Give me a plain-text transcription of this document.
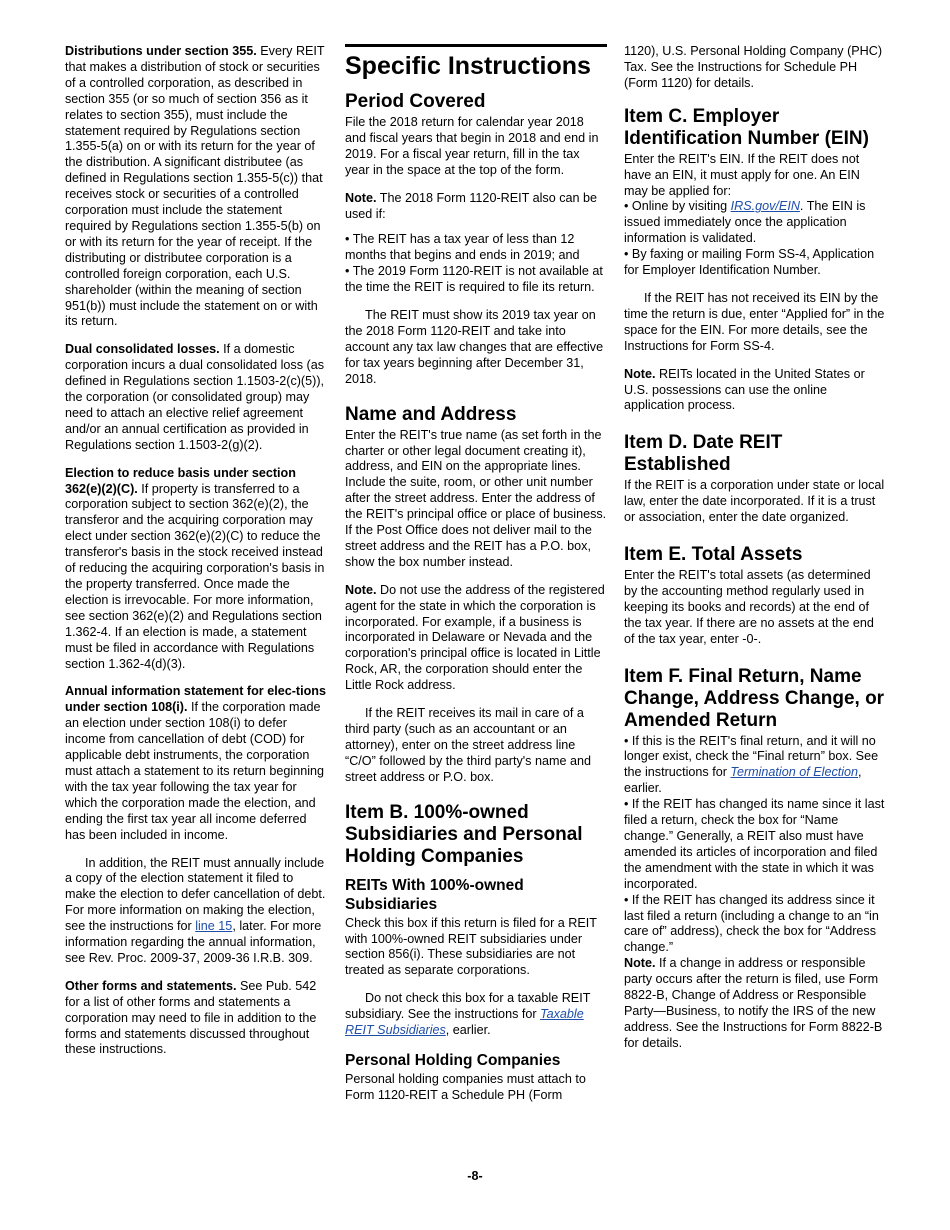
Distributions under section 355. Every REIT that makes a distribution of stock or securities of a controlled corporation, as described in section 355 (or so much of section 356 as it relates to section 355), must include the statement required by Regulations section 1.355-5(a) on or with its return for the year of the distribution. A significant distributee (as defined in Regulations section 1.355-5(c)) that receives stock or securities of a controlled corporation must include the statement required by Regulations section 1.355-5(b) on or with its return for the year of receipt. If the distributing or distributee corporation is a controlled foreign corporation, each U.S. shareholder (within the meaning of section 951(b)) must include the statement on or with its return.

Dual consolidated losses. If a domestic corporation incurs a dual consolidated loss (as defined in Regulations section 1.1503-2(c)(5)), the corporation (or consolidated group) may need to attach an elective relief agreement and/or an annual certification as provided in Regulations section 1.1503-2(g)(2).

Election to reduce basis under section 362(e)(2)(C). If property is transferred to a corporation subject to section 362(e)(2), the transferor and the acquiring corporation may elect under section 362(e)(2)(C) to reduce the transferor's basis in the stock received instead of reducing the acquiring corporation's basis in the property transferred. Once made the election is irrevocable. For more information, see section 362(e)(2) and Regulations section 1.362-4. If an election is made, a statement must be filed in accordance with Regulations section 1.362-4(d)(3).

Annual information statement for elec-tions under section 108(i). If the corporation made an election under section 108(i) to defer income from cancellation of debt (COD) for applicable debt instruments, the corporation must attach a statement to its return beginning with the tax year following the tax year for which the corporation made the election, and ending the first tax year all income deferred has been included in income.

In addition, the REIT must annually include a copy of the election statement it filed to make the election to defer cancellation of debt. For more information on making the election, see the instructions for line 15, later. For more information regarding the annual information, see Rev. Proc. 2009-37, 2009-36 I.R.B. 309.

Other forms and statements. See Pub. 542 for a list of other forms and statements a corporation may need to file in addition to the forms and statements discussed throughout these instructions.

Specific Instructions
Period Covered

File the 2018 return for calendar year 2018 and fiscal years that begin in 2018 and end in 2019. For a fiscal year return, fill in the tax year in the space at the top of the form.

Note. The 2018 Form 1120-REIT also can be used if:

• The REIT has a tax year of less than 12 months that begins and ends in 2019; and
• The 2019 Form 1120-REIT is not available at the time the REIT is required to file its return.

The REIT must show its 2019 tax year on the 2018 Form 1120-REIT and take into account any tax law changes that are effective for tax years beginning after December 31, 2018.

Name and Address

Enter the REIT's true name (as set forth in the charter or other legal document creating it), address, and EIN on the appropriate lines. Include the suite, room, or other unit number after the street address. Enter the address of the REIT's principal office or place of business. If the Post Office does not deliver mail to the street address and the REIT has a P.O. box, show the box number instead.

Note. Do not use the address of the registered agent for the state in which the corporation is incorporated. For example, if a business is incorporated in Delaware or Nevada and the corporation's principal office is located in Little Rock, AR, the corporation should enter the Little Rock address.

If the REIT receives its mail in care of a third party (such as an accountant or an attorney), enter on the street address line “C/O” followed by the third party's name and street address or P.O. box.

Item B. 100%-owned Subsidiaries and Personal Holding Companies
REITs With 100%-owned Subsidiaries

Check this box if this return is filed for a REIT with 100%-owned REIT subsidiaries under section 856(i). These subsidiaries are not treated as separate corporations.

Do not check this box for a taxable REIT subsidiary. See the instructions for Taxable REIT Subsidiaries, earlier.

Personal Holding Companies

Personal holding companies must attach to Form 1120-REIT a Schedule PH (Form

1120), U.S. Personal Holding Company (PHC) Tax. See the Instructions for Schedule PH (Form 1120) for details.

Item C. Employer Identification Number (EIN)

Enter the REIT's EIN. If the REIT does not have an EIN, it must apply for one. An EIN may be applied for:

• Online by visiting IRS.gov/EIN. The EIN is issued immediately once the application information is validated.
• By faxing or mailing Form SS-4, Application for Employer Identification Number.

If the REIT has not received its EIN by the time the return is due, enter “Applied for” in the space for the EIN. For more details, see the Instructions for Form SS-4.

Note. REITs located in the United States or U.S. possessions can use the online application process.

Item D. Date REIT Established

If the REIT is a corporation under state or local law, enter the date incorporated. If it is a trust or association, enter the date organized.

Item E. Total Assets

Enter the REIT's total assets (as determined by the accounting method regularly used in keeping its books and records) at the end of the tax year. If there are no assets at the end of the tax year, enter -0-.

Item F. Final Return, Name Change, Address Change, or Amended Return
• If this is the REIT's final return, and it will no longer exist, check the “Final return” box. See the instructions for Termination of Election, earlier.
• If the REIT has changed its name since it last filed a return, check the box for “Name change.” Generally, a REIT also must have amended its articles of incorporation and filed the amendment with the state in which it was incorporated.
• If the REIT has changed its address since it last filed a return (including a change to an “in care of” address), check the box for “Address change.”

Note. If a change in address or responsible party occurs after the return is filed, use Form 8822-B, Change of Address or Responsible Party—Business, to notify the IRS of the new address. See the Instructions for Form 8822-B for details.

-8-
